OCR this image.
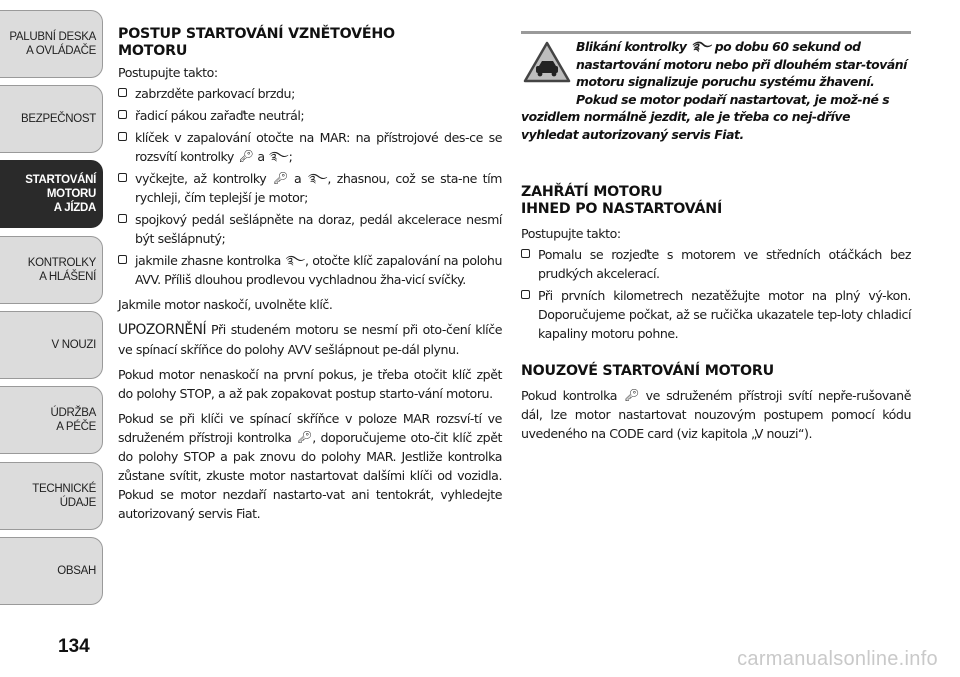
PALUBNÍ DESKA
A OVLÁDAČE
BEZPEČNOST
STARTOVÁNÍ
MOTORU
A JÍZDA
KONTROLKY
A HLÁŠENÍ
V NOUZI
ÚDRŽBA
A PÉČE
TECHNICKÉ
ÚDAJE
OBSAH
134
POSTUP STARTOVÁNÍ VZNĚTOVÉHO
MOTORU

Postupujte takto:

zabrzděte parkovací brzdu;
řadicí pákou zařaďte neutrál;
klíček v zapalování otočte na MAR: na přístrojové des-ce se rozsvítí kontrolky 🔑︎ a ࿐;
vyčkejte, až kontrolky 🔑︎ a ࿐, zhasnou, což se sta-ne tím rychleji, čím teplejší je motor;
spojkový pedál sešlápněte na doraz, pedál akcelerace nesmí být sešlápnutý;
jakmile zhasne kontrolka ࿐, otočte klíč zapalování na polohu AVV. Příliš dlouhou prodlevou vychladnou žha-vicí svíčky.

Jakmile motor naskočí, uvolněte klíč.

UPOZORNĚNÍ Při studeném motoru se nesmí při oto-čení klíče ve spínací skříňce do polohy AVV sešlápnout pe-dál plynu.

Pokud motor nenaskočí na první pokus, je třeba otočit klíč zpět do polohy STOP, a až pak zopakovat postup starto-vání motoru.

Pokud se při klíči ve spínací skříňce v poloze MAR rozsví-tí ve sdruženém přístroji kontrolka 🔑︎, doporučujeme oto-čit klíč zpět do polohy STOP a pak znovu do polohy MAR. Jestliže kontrolka zůstane svítit, zkuste motor nastartovat dalšími klíči od vozidla. Pokud se motor nezdaří nastarto-vat ani tentokrát, vyhledejte autorizovaný servis Fiat.

Blikání kontrolky ࿐ po dobu 60 sekund od nastartování motoru nebo při dlouhém star-tování motoru signalizuje poruchu systému žhavení. Pokud se motor podaří nastartovat, je mož-né s vozidlem normálně jezdit, ale je třeba co nej-dříve vyhledat autorizovaný servis Fiat.
ZAHŘÁTÍ MOTORU
IHNED PO NASTARTOVÁNÍ

Postupujte takto:

Pomalu se rozjeďte s motorem ve středních otáčkách bez prudkých akcelerací.
Při prvních kilometrech nezatěžujte motor na plný vý-kon. Doporučujeme počkat, až se ručička ukazatele tep-loty chladicí kapaliny motoru pohne.
NOUZOVÉ STARTOVÁNÍ MOTORU

Pokud kontrolka 🔑︎ ve sdruženém přístroji svítí nepře-rušovaně dál, lze motor nastartovat nouzovým postupem pomocí kódu uvedeného na CODE card (viz kapitola „V nouzi“).

carmanualsonline.info
